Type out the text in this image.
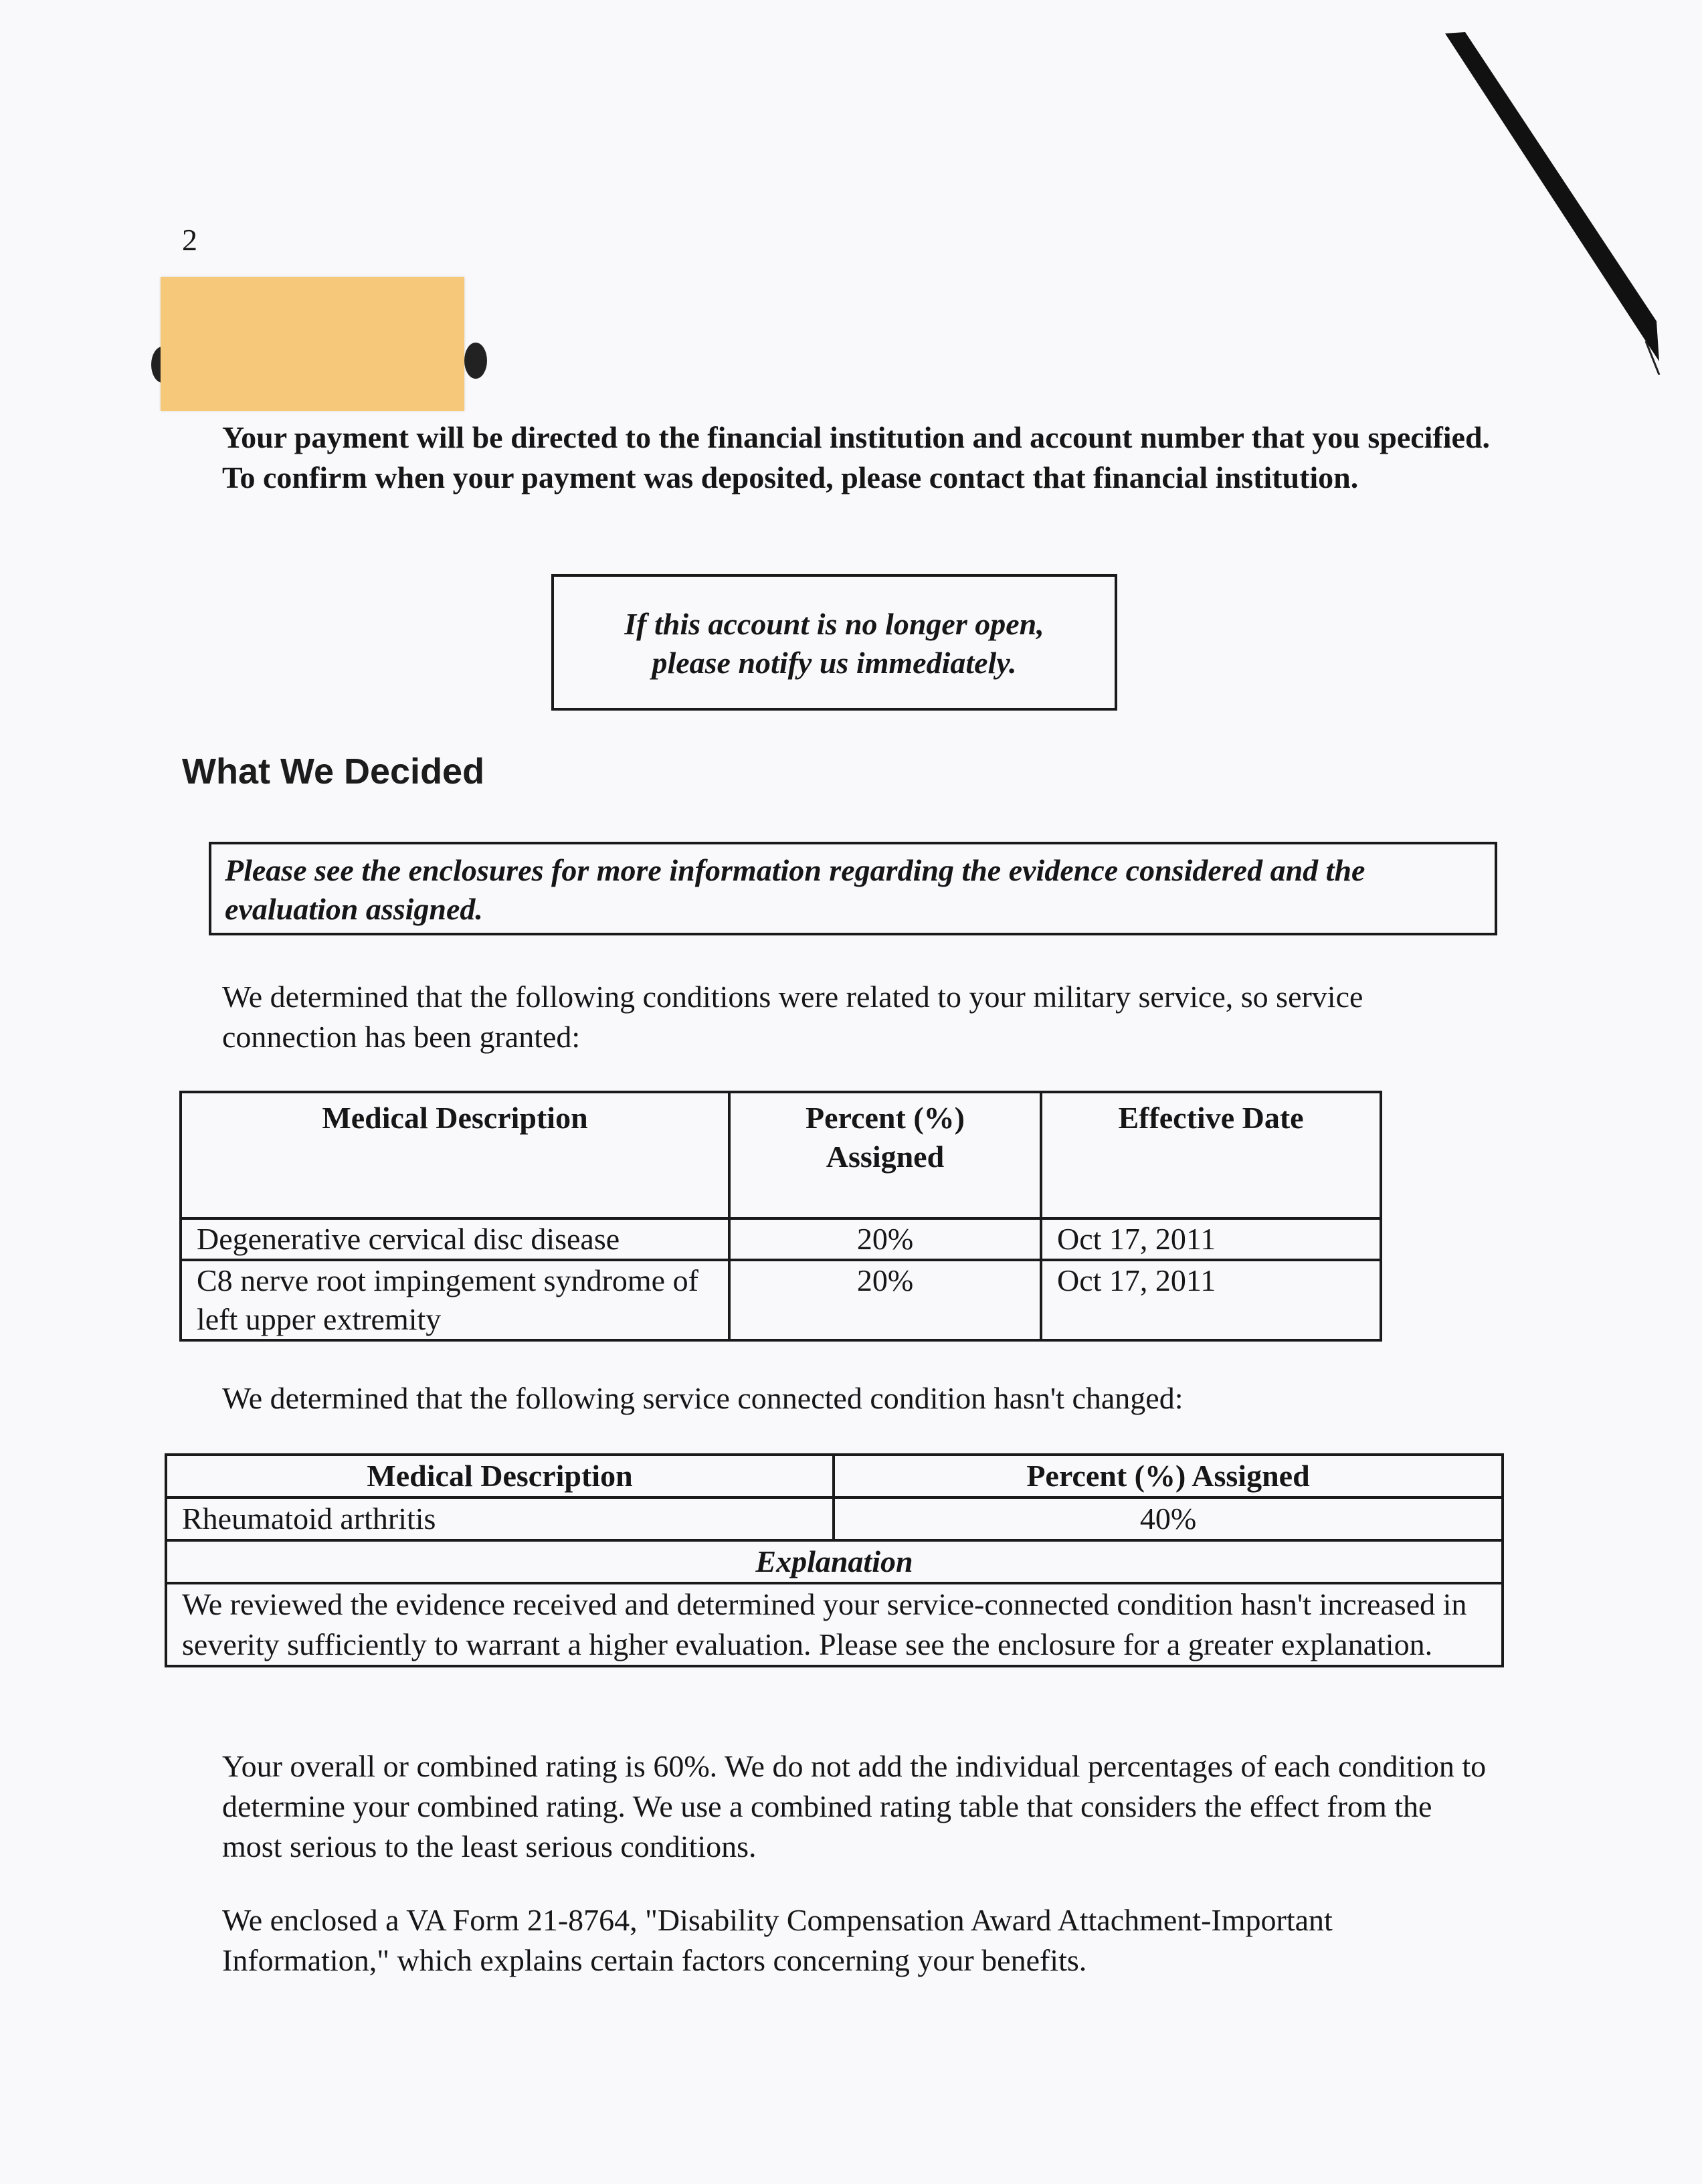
2

Your payment will be directed to the financial institution and account number that you specified. To confirm when your payment was deposited, please contact that financial institution.

If this account is no longer open,
please notify us immediately.
What We Decided
Please see the enclosures for more information regarding the evidence considered and the evaluation assigned.

We determined that the following conditions were related to your military service, so service connection has been granted:

Medical Description	Percent (%) Assigned	Effective Date
Degenerative cervical disc disease	20%	Oct 17, 2011
C8 nerve root impingement syndrome of left upper extremity	20%	Oct 17, 2011

We determined that the following service connected condition hasn't changed:

Medical Description	Percent (%) Assigned
Rheumatoid arthritis	40%
Explanation	
We reviewed the evidence received and determined your service-connected condition hasn't increased in severity sufficiently to warrant a higher evaluation. Please see the enclosure for a greater explanation.	

Your overall or combined rating is 60%. We do not add the individual percentages of each condition to determine your combined rating. We use a combined rating table that considers the effect from the most serious to the least serious conditions.

We enclosed a VA Form 21-8764, "Disability Compensation Award Attachment-Important Information," which explains certain factors concerning your benefits.
